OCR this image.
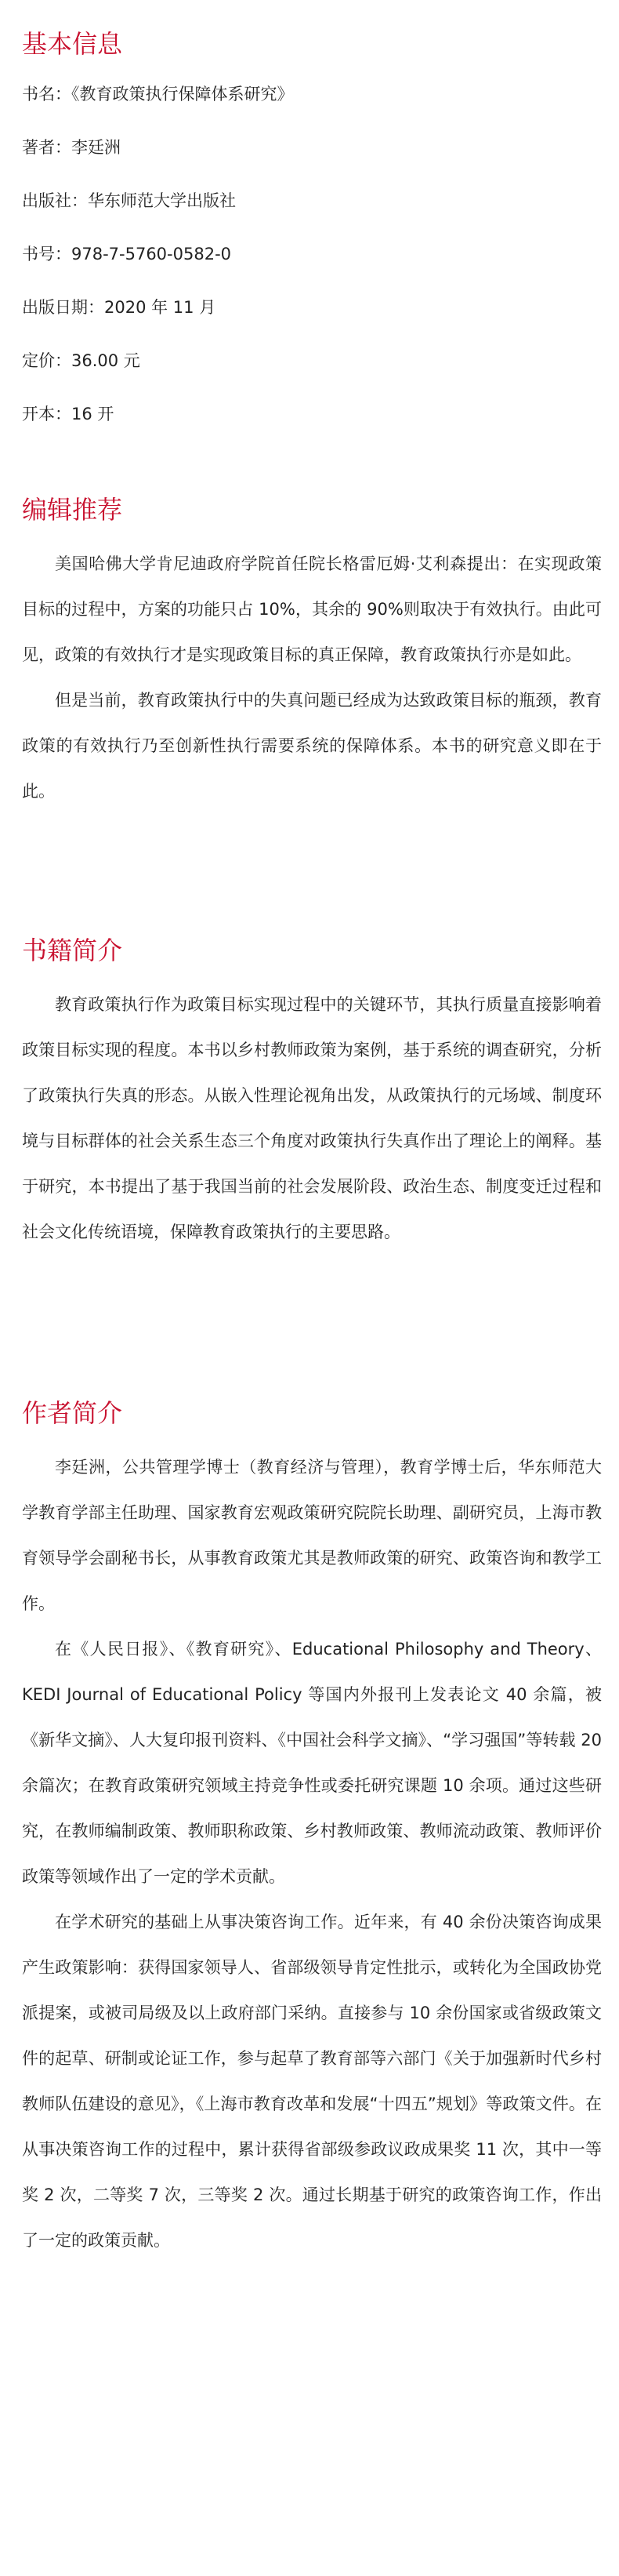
基本信息

书名：《教育政策执行保障体系研究》

著者：李廷洲

出版社：华东师范大学出版社

书号：978-7-5760-0582-0

出版日期：2020 年 11 月

定价：36.00 元

开本：16 开

编辑推荐

美国哈佛大学肯尼迪政府学院首任院长格雷厄姆·艾利森提出：在实现政策目标的过程中，方案的功能只占 10%，其余的 90%则取决于有效执行。由此可见，政策的有效执行才是实现政策目标的真正保障，教育政策执行亦是如此。

但是当前，教育政策执行中的失真问题已经成为达致政策目标的瓶颈，教育政策的有效执行乃至创新性执行需要系统的保障体系。本书的研究意义即在于此。

书籍简介

教育政策执行作为政策目标实现过程中的关键环节，其执行质量直接影响着政策目标实现的程度。本书以乡村教师政策为案例，基于系统的调查研究，分析了政策执行失真的形态。从嵌入性理论视角出发，从政策执行的元场域、制度环境与目标群体的社会关系生态三个角度对政策执行失真作出了理论上的阐释。基于研究，本书提出了基于我国当前的社会发展阶段、政治生态、制度变迁过程和社会文化传统语境，保障教育政策执行的主要思路。

作者简介

李廷洲，公共管理学博士（教育经济与管理），教育学博士后，华东师范大学教育学部主任助理、国家教育宏观政策研究院院长助理、副研究员，上海市教育领导学会副秘书长，从事教育政策尤其是教师政策的研究、政策咨询和教学工作。

在《人民日报》、《教育研究》、Educational Philosophy and Theory、KEDI Journal of Educational Policy 等国内外报刊上发表论文 40 余篇，被《新华文摘》、人大复印报刊资料、《中国社会科学文摘》、“学习强国”等转载 20 余篇次；在教育政策研究领域主持竞争性或委托研究课题 10 余项。通过这些研究，在教师编制政策、教师职称政策、乡村教师政策、教师流动政策、教师评价政策等领域作出了一定的学术贡献。

在学术研究的基础上从事决策咨询工作。近年来，有 40 余份决策咨询成果产生政策影响：获得国家领导人、省部级领导肯定性批示，或转化为全国政协党派提案，或被司局级及以上政府部门采纳。直接参与 10 余份国家或省级政策文件的起草、研制或论证工作，参与起草了教育部等六部门《关于加强新时代乡村教师队伍建设的意见》，《上海市教育改革和发展“十四五”规划》等政策文件。在从事决策咨询工作的过程中，累计获得省部级参政议政成果奖 11 次，其中一等奖 2 次，二等奖 7 次，三等奖 2 次。通过长期基于研究的政策咨询工作，作出了一定的政策贡献。
